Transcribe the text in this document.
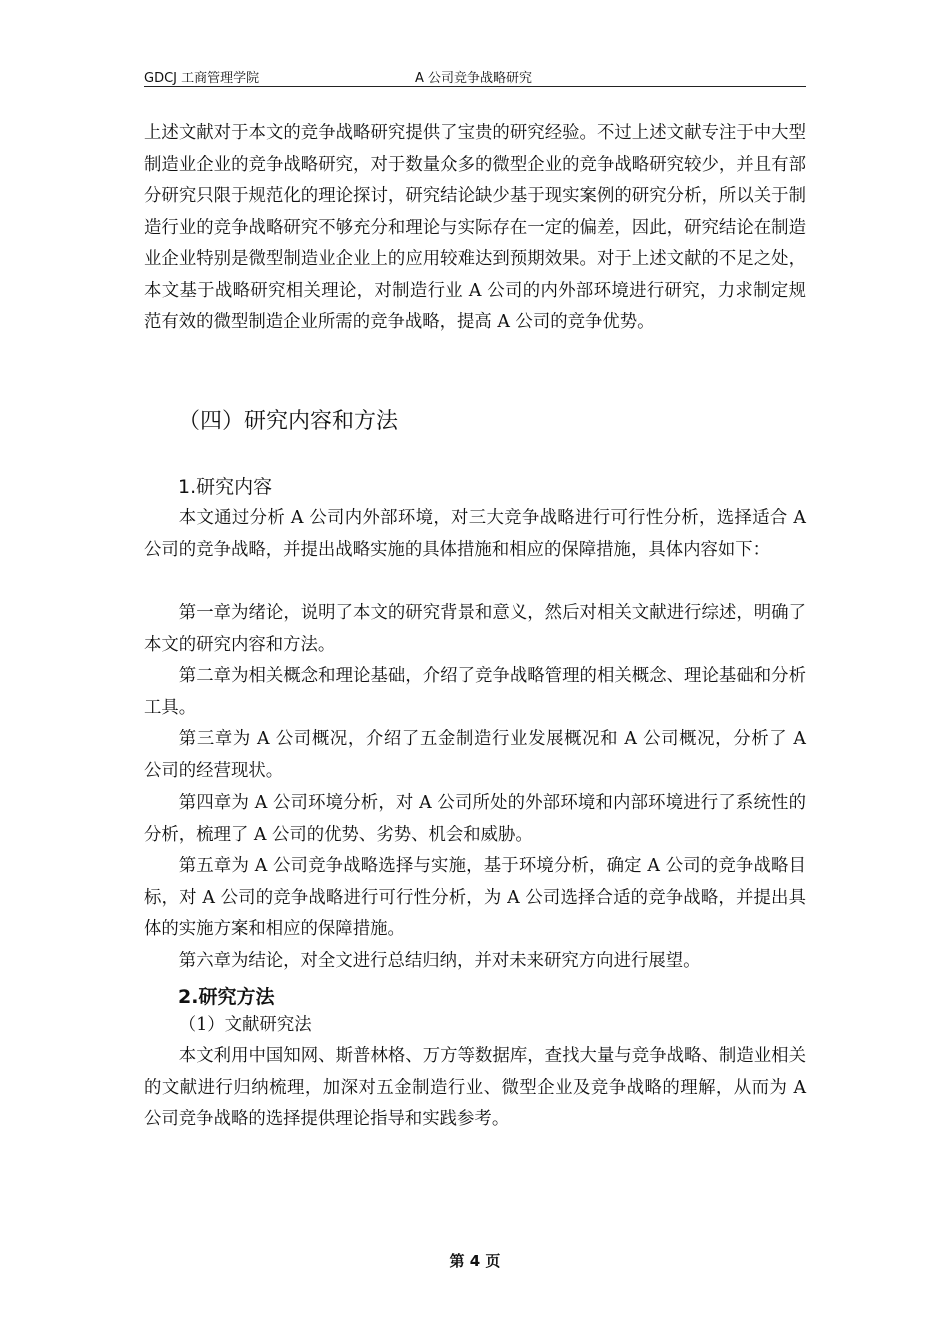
GDCJ 工商管理学院	A 公司竞争战略研究

上述文献对于本文的竞争战略研究提供了宝贵的研究经验。不过上述文献专注于中大型制造业企业的竞争战略研究，对于数量众多的微型企业的竞争战略研究较少，并且有部分研究只限于规范化的理论探讨，研究结论缺少基于现实案例的研究分析，所以关于制造行业的竞争战略研究不够充分和理论与实际存在一定的偏差，因此，研究结论在制造业企业特别是微型制造业企业上的应用较难达到预期效果。对于上述文献的不足之处，本文基于战略研究相关理论，对制造行业 A 公司的内外部环境进行研究，力求制定规范有效的微型制造企业所需的竞争战略，提高 A 公司的竞争优势。

（四）研究内容和方法
1.研究内容

本文通过分析 A 公司内外部环境，对三大竞争战略进行可行性分析，选择适合 A 公司的竞争战略，并提出战略实施的具体措施和相应的保障措施，具体内容如下：

第一章为绪论，说明了本文的研究背景和意义，然后对相关文献进行综述，明确了本文的研究内容和方法。

第二章为相关概念和理论基础，介绍了竞争战略管理的相关概念、理论基础和分析工具。

第三章为 A 公司概况，介绍了五金制造行业发展概况和 A 公司概况，分析了 A 公司的经营现状。

第四章为 A 公司环境分析，对 A 公司所处的外部环境和内部环境进行了系统性的分析，梳理了 A 公司的优势、劣势、机会和威胁。

第五章为 A 公司竞争战略选择与实施，基于环境分析，确定 A 公司的竞争战略目标，对 A 公司的竞争战略进行可行性分析，为 A 公司选择合适的竞争战略，并提出具体的实施方案和相应的保障措施。

第六章为结论，对全文进行总结归纳，并对未来研究方向进行展望。

2.研究方法

（1）文献研究法

本文利用中国知网、斯普林格、万方等数据库，查找大量与竞争战略、制造业相关的文献进行归纳梳理，加深对五金制造行业、微型企业及竞争战略的理解，从而为 A 公司竞争战略的选择提供理论指导和实践参考。

第 4 页
